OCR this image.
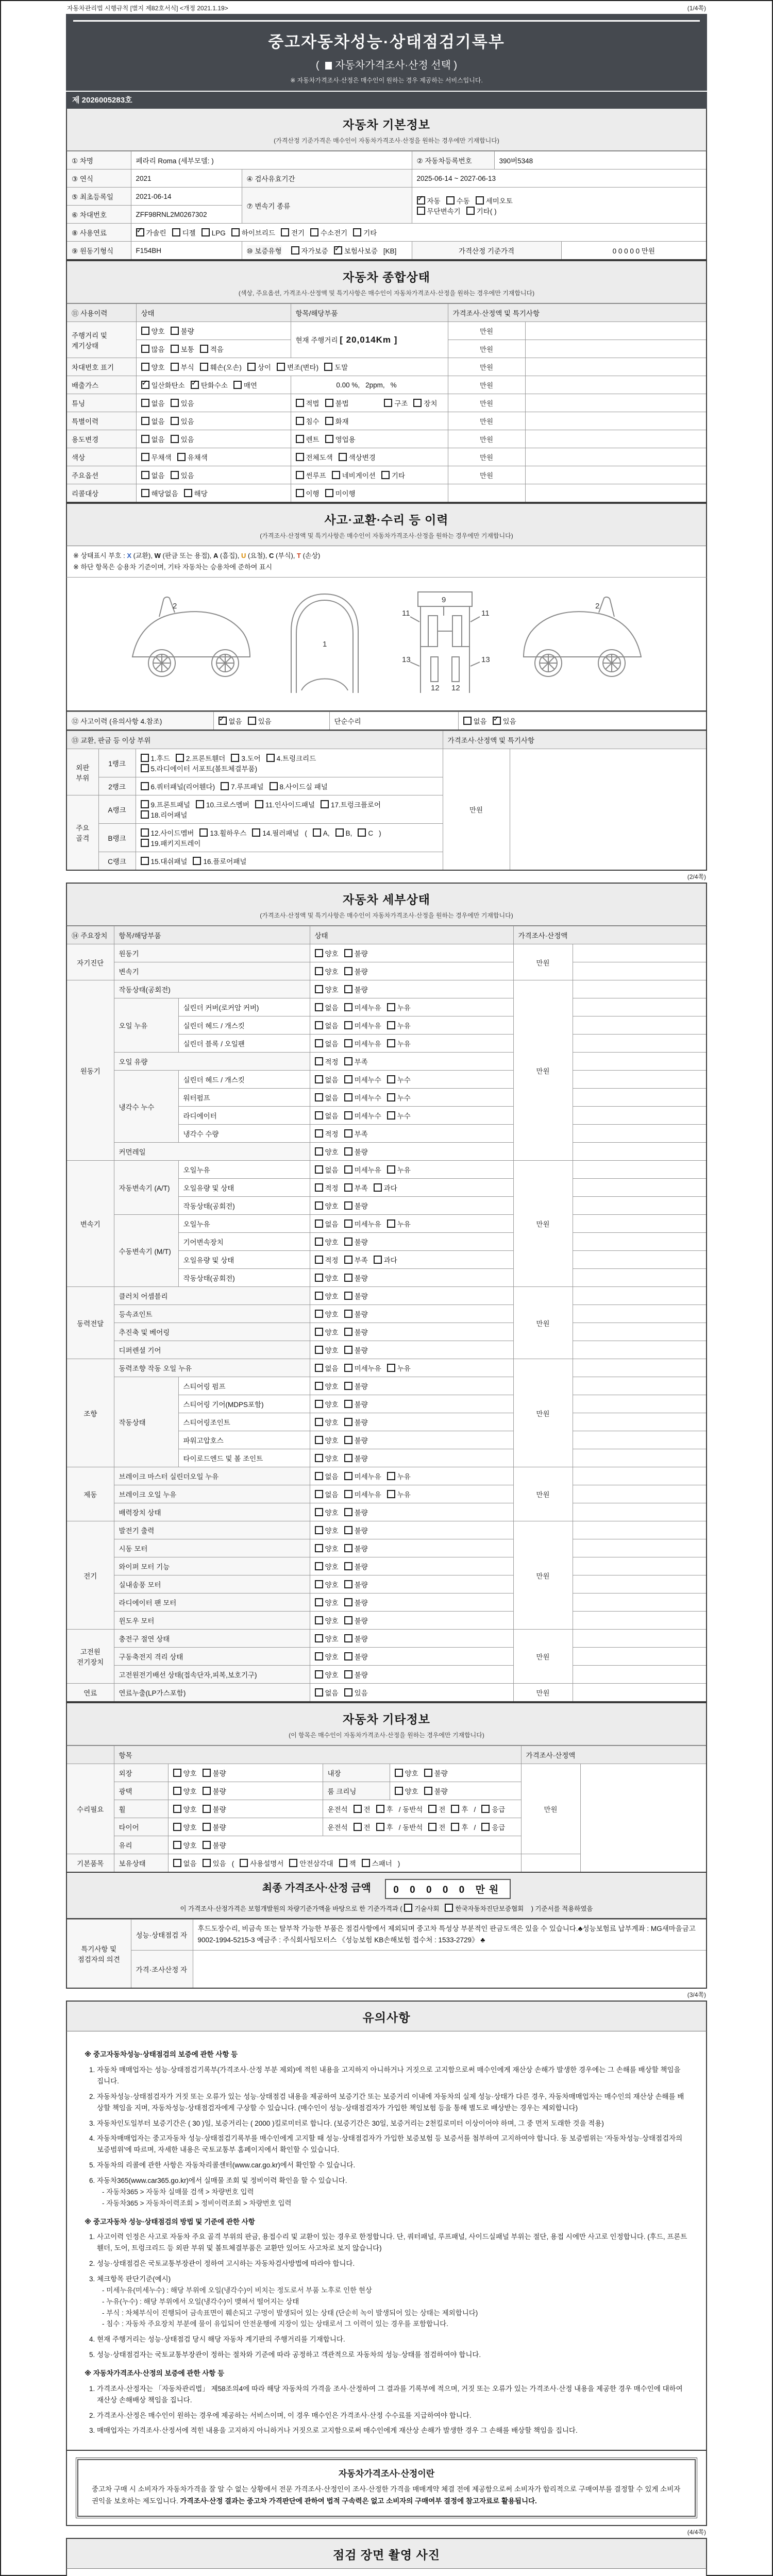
자동차관리법 시행규칙 [별지 제82호서식] <개정 2021.1.19>	(1/4쪽)
중고자동차성능·상태점검기록부
( 자동차가격조사·산정 선택 )
※ 자동차가격조사·산정은 매수인이 원하는 경우 제공하는 서비스입니다.
제 2026005283호
자동차 기본정보
(가격산정 기준가격은 매수인이 자동차가격조사·산정을 원하는 경우에만 기재합니다)
① 차명	페라리 Roma (세부모델: )		② 자동차등록번호	390버5348	
③ 연식	2021	④ 검사유효기간	2025-06-14 ~ 2027-06-13		
⑤ 최초등록일	2021-06-14	⑦ 변속기 종류	✓자동 수동 세미오토
무단변속기 기타( )
⑥ 차대번호	ZFF98RNL2M0267302				
⑧ 사용연료	✓가솔린 디젤 LPG 하이브리드 전기 수소전기 기타
⑨ 원동기형식	F154BH	⑩ 보증유형 자가보증 ✓ 보험사보증 [KB]	가격산정 기준가격		0 0 0 0 0 만원
자동차 종합상태
(색상, 주요옵션, 가격조사·산정액 및 특기사항은 매수인이 자동차가격조사·산정을 원하는 경우에만 기재합니다)
⑪ 사용이력	상태	항목/해당부품	가격조사·산정액 및 특기사항	
주행거리 및 계기상태	양호 불량	현재 주행거리 [ 20,014Km ]	만원	
	많음 보통 적음		만원	
차대번호 표기	양호 부식 훼손(오손) 상이 변조(변타) 도말		만원	
배출가스	✓일산화탄소 ✓ 탄화수소 매연	0.00 %, 2ppm, %	만원	
튜닝	없음 있음	적법 불법 구조 장치	만원	
특별이력	없음 있음	침수 화재	만원	
용도변경	없음 있음	렌트 영업용	만원	
색상	무채색 유채색	전체도색 색상변경	만원	
주요옵션	없음 있음	썬루프 네비게이션 기타	만원	
리콜대상	해당없음 해당	이행 미이행		
사고·교환·수리 등 이력
(가격조사·산정액 및 특기사항은 매수인이 자동차가격조사·산정을 원하는 경우에만 기재합니다)
※ 상태표시 부호 : X (교환), W (판금 또는 용접), A (흠집), U (요철), C (부식), T (손상)
※ 하단 항목은 승용차 기준이며, 기타 자동차는 승용차에 준하여 표시
2
1
9
11	11
13	13
12 12
2
⑫ 사고이력 (유의사항 4.참조)	✓없음 있음	단순수리	없음 ✓ 있음
⑬ 교환, 판금 등 이상 부위			가격조사·산정액 및 특기사항	
외판 부위	1랭크	1.후드 2.프론트휀더 3.도어 4.트렁크리드
5.라디에이터 서포트(볼트체결부품)	만원	
	2랭크	6.쿼터패널(리어휀다) 7.루프패널 8.사이드실 패널		
주요 골격	A랭크	9.프론트패널 10.크로스멤버 11.인사이드패널 17.트렁크플로어
18.리어패널		
	B랭크	12.사이드멤버 13.휠하우스 14.필러패널 ( A, B, C )
19.패키지트레이		
	C랭크	15.대쉬패널 16.플로어패널		
(2/4쪽)
자동차 세부상태
(가격조사·산정액 및 특기사항은 매수인이 자동차가격조사·산정을 원하는 경우에만 기재합니다)
⑭ 주요장치	항목/해당부품		상태	가격조사·산정액	
자기진단	원동기		양호 불량	만원	
	변속기		양호 불량		
원동기	작동상태(공회전)		양호 불량	만원	
	오일 누유	실린더 커버(로커암 커버)	없음 미세누유 누유		
		실린더 헤드 / 개스킷	없음 미세누유 누유		
		실린더 블록 / 오일팬	없음 미세누유 누유		
	오일 유량		적정 부족		
	냉각수 누수	실린더 헤드 / 개스킷	없음 미세누수 누수		
		워터펌프	없음 미세누수 누수		
		라디에이터	없음 미세누수 누수		
		냉각수 수량	적정 부족		
	커먼레일		양호 불량		
변속기	자동변속기 (A/T)	오일누유	없음 미세누유 누유	만원	
		오일유량 및 상태	적정 부족 과다		
		작동상태(공회전)	양호 불량		
	수동변속기 (M/T)	오일누유	없음 미세누유 누유		
		기어변속장치	양호 불량		
		오일유량 및 상태	적정 부족 과다		
		작동상태(공회전)	양호 불량		
동력전달	클러치 어셈블리		양호 불량	만원	
	등속죠인트		양호 불량		
	추진축 및 베어링		양호 불량		
	디퍼렌셜 기어		양호 불량		
조향	동력조향 작동 오일 누유		없음 미세누유 누유	만원	
	작동상태	스티어링 펌프	양호 불량		
		스티어링 기어(MDPS포함)	양호 불량		
		스티어링조인트	양호 불량		
		파워고압호스	양호 불량		
		타이로드엔드 및 볼 조인트	양호 불량		
제동	브레이크 마스터 실린더오일 누유		없음 미세누유 누유	만원	
	브레이크 오일 누유		없음 미세누유 누유		
	배력장치 상태		양호 불량		
전기	발전기 출력		양호 불량	만원	
	시동 모터		양호 불량		
	와이퍼 모터 기능		양호 불량		
	실내송풍 모터		양호 불량		
	라디에이터 팬 모터		양호 불량		
	윈도우 모터		양호 불량		
고전원 전기장치	충전구 절연 상태		양호 불량	만원	
	구동축전지 격리 상태		양호 불량		
	고전원전기배선 상태(접속단자,피복,보호기구)		양호 불량		
연료	연료누출(LP가스포함)		없음 있음	만원	
자동차 기타정보
(이 항목은 매수인이 자동차가격조사·산정을 원하는 경우에만 기재합니다)
	항목				가격조사·산정액	
수리필요	외장	양호 불량	내장	양호 불량	만원	
	광택	양호 불량	룸 크리닝	양호 불량		
	휠	양호 불량	운전석 전 후 / 동반석 전 후 / 응급			
	타이어	양호 불량	운전석 전 후 / 동반석 전 후 / 응급			
	유리	양호 불량				
기본품목	보유상태	없음 있음 ( 사용설명서 안전삼각대 잭 스패너 )				
최종 가격조사·산정 금액 0 0 0 0 0 만원
이 가격조사·산정가격은 보험개발원의 차량기준가액을 바탕으로 한 기준가격과 ( 기술사회 한국자동차진단보증협회 ) 기준서를 적용하였음
특기사항 및 점검자의 의견	성능·상태점검 자	후드도장수리, 비금속 또는 탈부착 가능한 부품은 점검사항에서 제외되며 중고차 특성상 부분적인 판금도색은 있을 수 있습니다.♣성능보험료 납부계좌 : MG새마을금고 9002-1994-5215-3 예금주 : 주식회사팀모터스 《성능보험 KB손해보험 접수처 : 1533-2729》 ♣
	가격·조사산정 자	
(3/4쪽)
유의사항
※ 중고자동차성능·상태점검의 보증에 관한 사항 등
1. 자동차 매매업자는 성능·상태점검기록부(가격조사·산정 부분 제외)에 적힌 내용을 고지하지 아니하거나 거짓으로 고지함으로써 매수인에게 재산상 손해가 발생한 경우에는 그 손해를 배상할 책임을 집니다.
2. 자동차성능·상태점검자가 거짓 또는 오류가 있는 성능·상태점검 내용을 제공하여 보증기간 또는 보증거리 이내에 자동차의 실제 성능·상태가 다른 경우, 자동차매매업자는 매수인의 재산상 손해를 배상할 책임을 지며, 자동차성능·상태점검자에게 구상할 수 있습니다. (매수인이 성능·상태점검자가 가입한 책임보험 등을 통해 별도로 배상받는 경우는 제외합니다)
3. 자동차인도일부터 보증기간은 ( 30 )일, 보증거리는 ( 2000 )킬로미터로 합니다. (보증기간은 30일, 보증거리는 2천킬로미터 이상이어야 하며, 그 중 먼저 도래한 것을 적용)
4. 자동차매매업자는 중고자동차 성능·상태점검기록부를 매수인에게 고지할 때 성능·상태점검자가 가입한 보증보험 등 보증서를 첨부하여 고지하여야 합니다. 동 보증범위는 '자동차성능·상태점검자의 보증범위'에 따르며, 자세한 내용은 국토교통부 홈페이지에서 확인할 수 있습니다.
5. 자동차의 리콜에 관한 사항은 자동차리콜센터(www.car.go.kr)에서 확인할 수 있습니다.
6. 자동차365(www.car365.go.kr)에서 실매물 조회 및 정비이력 확인을 할 수 있습니다.
- 자동차365 > 자동차 실매물 검색 > 차량번호 입력
- 자동차365 > 자동차이력조회 > 정비이력조회 > 차량번호 입력
※ 중고자동차 성능·상태점검의 방법 및 기준에 관한 사항
1. 사고이력 인정은 사고로 자동차 주요 골격 부위의 판금, 용접수리 및 교환이 있는 경우로 한정합니다. 단, 쿼터패널, 루프패널, 사이드실패널 부위는 절단, 용접 시에만 사고로 인정합니다. (후드, 프론트휀더, 도어, 트렁크리드 등 외판 부위 및 볼트체결부품은 교환만 있어도 사고차로 보지 않습니다)
2. 성능·상태점검은 국토교통부장관이 정하여 고시하는 자동차검사방법에 따라야 합니다.
3. 체크항목 판단기준(예시)
- 미세누유(미세누수) : 해당 부위에 오일(냉각수)이 비치는 정도로서 부품 노후로 인한 현상
- 누유(누수) : 해당 부위에서 오일(냉각수)이 맺혀서 떨어지는 상태
- 부식 : 차체부식이 진행되어 금속표면이 훼손되고 구멍이 발생되어 있는 상태 (단순히 녹이 발생되어 있는 상태는 제외합니다)
- 침수 : 자동차 주요장치 부분에 물이 유입되어 안전운행에 지장이 있는 상태로서 그 이력이 있는 경우를 포함합니다.
4. 현재 주행거리는 성능·상태점검 당시 해당 자동차 계기판의 주행거리를 기재합니다.
5. 성능·상태점검자는 국토교통부장관이 정하는 절차와 기준에 따라 공정하고 객관적으로 자동차의 성능·상태를 점검하여야 합니다.
※ 자동차가격조사·산정의 보증에 관한 사항 등
1. 가격조사·산정자는 「자동차관리법」 제58조의4에 따라 해당 자동차의 가격을 조사·산정하여 그 결과를 기록부에 적으며, 거짓 또는 오류가 있는 가격조사·산정 내용을 제공한 경우 매수인에 대하여 재산상 손해배상 책임을 집니다.
2. 가격조사·산정은 매수인이 원하는 경우에 제공하는 서비스이며, 이 경우 매수인은 가격조사·산정 수수료를 지급하여야 합니다.
3. 매매업자는 가격조사·산정서에 적힌 내용을 고지하지 아니하거나 거짓으로 고지함으로써 매수인에게 재산상 손해가 발생한 경우 그 손해를 배상할 책임을 집니다.
자동차가격조사·산정이란
중고차 구매 시 소비자가 자동차가격을 잘 알 수 없는 상황에서 전문 가격조사·산정인이 조사·산정한 가격을 매매계약 체결 전에 제공함으로써 소비자가 합리적으로 구매여부를 결정할 수 있게 소비자 권익을 보호하는 제도입니다. 가격조사·산정 결과는 중고차 가격판단에 관하여 법적 구속력은 없고 소비자의 구매여부 결정에 참고자료로 활용됩니다.
(4/4쪽)
점검 장면 촬영 사진
